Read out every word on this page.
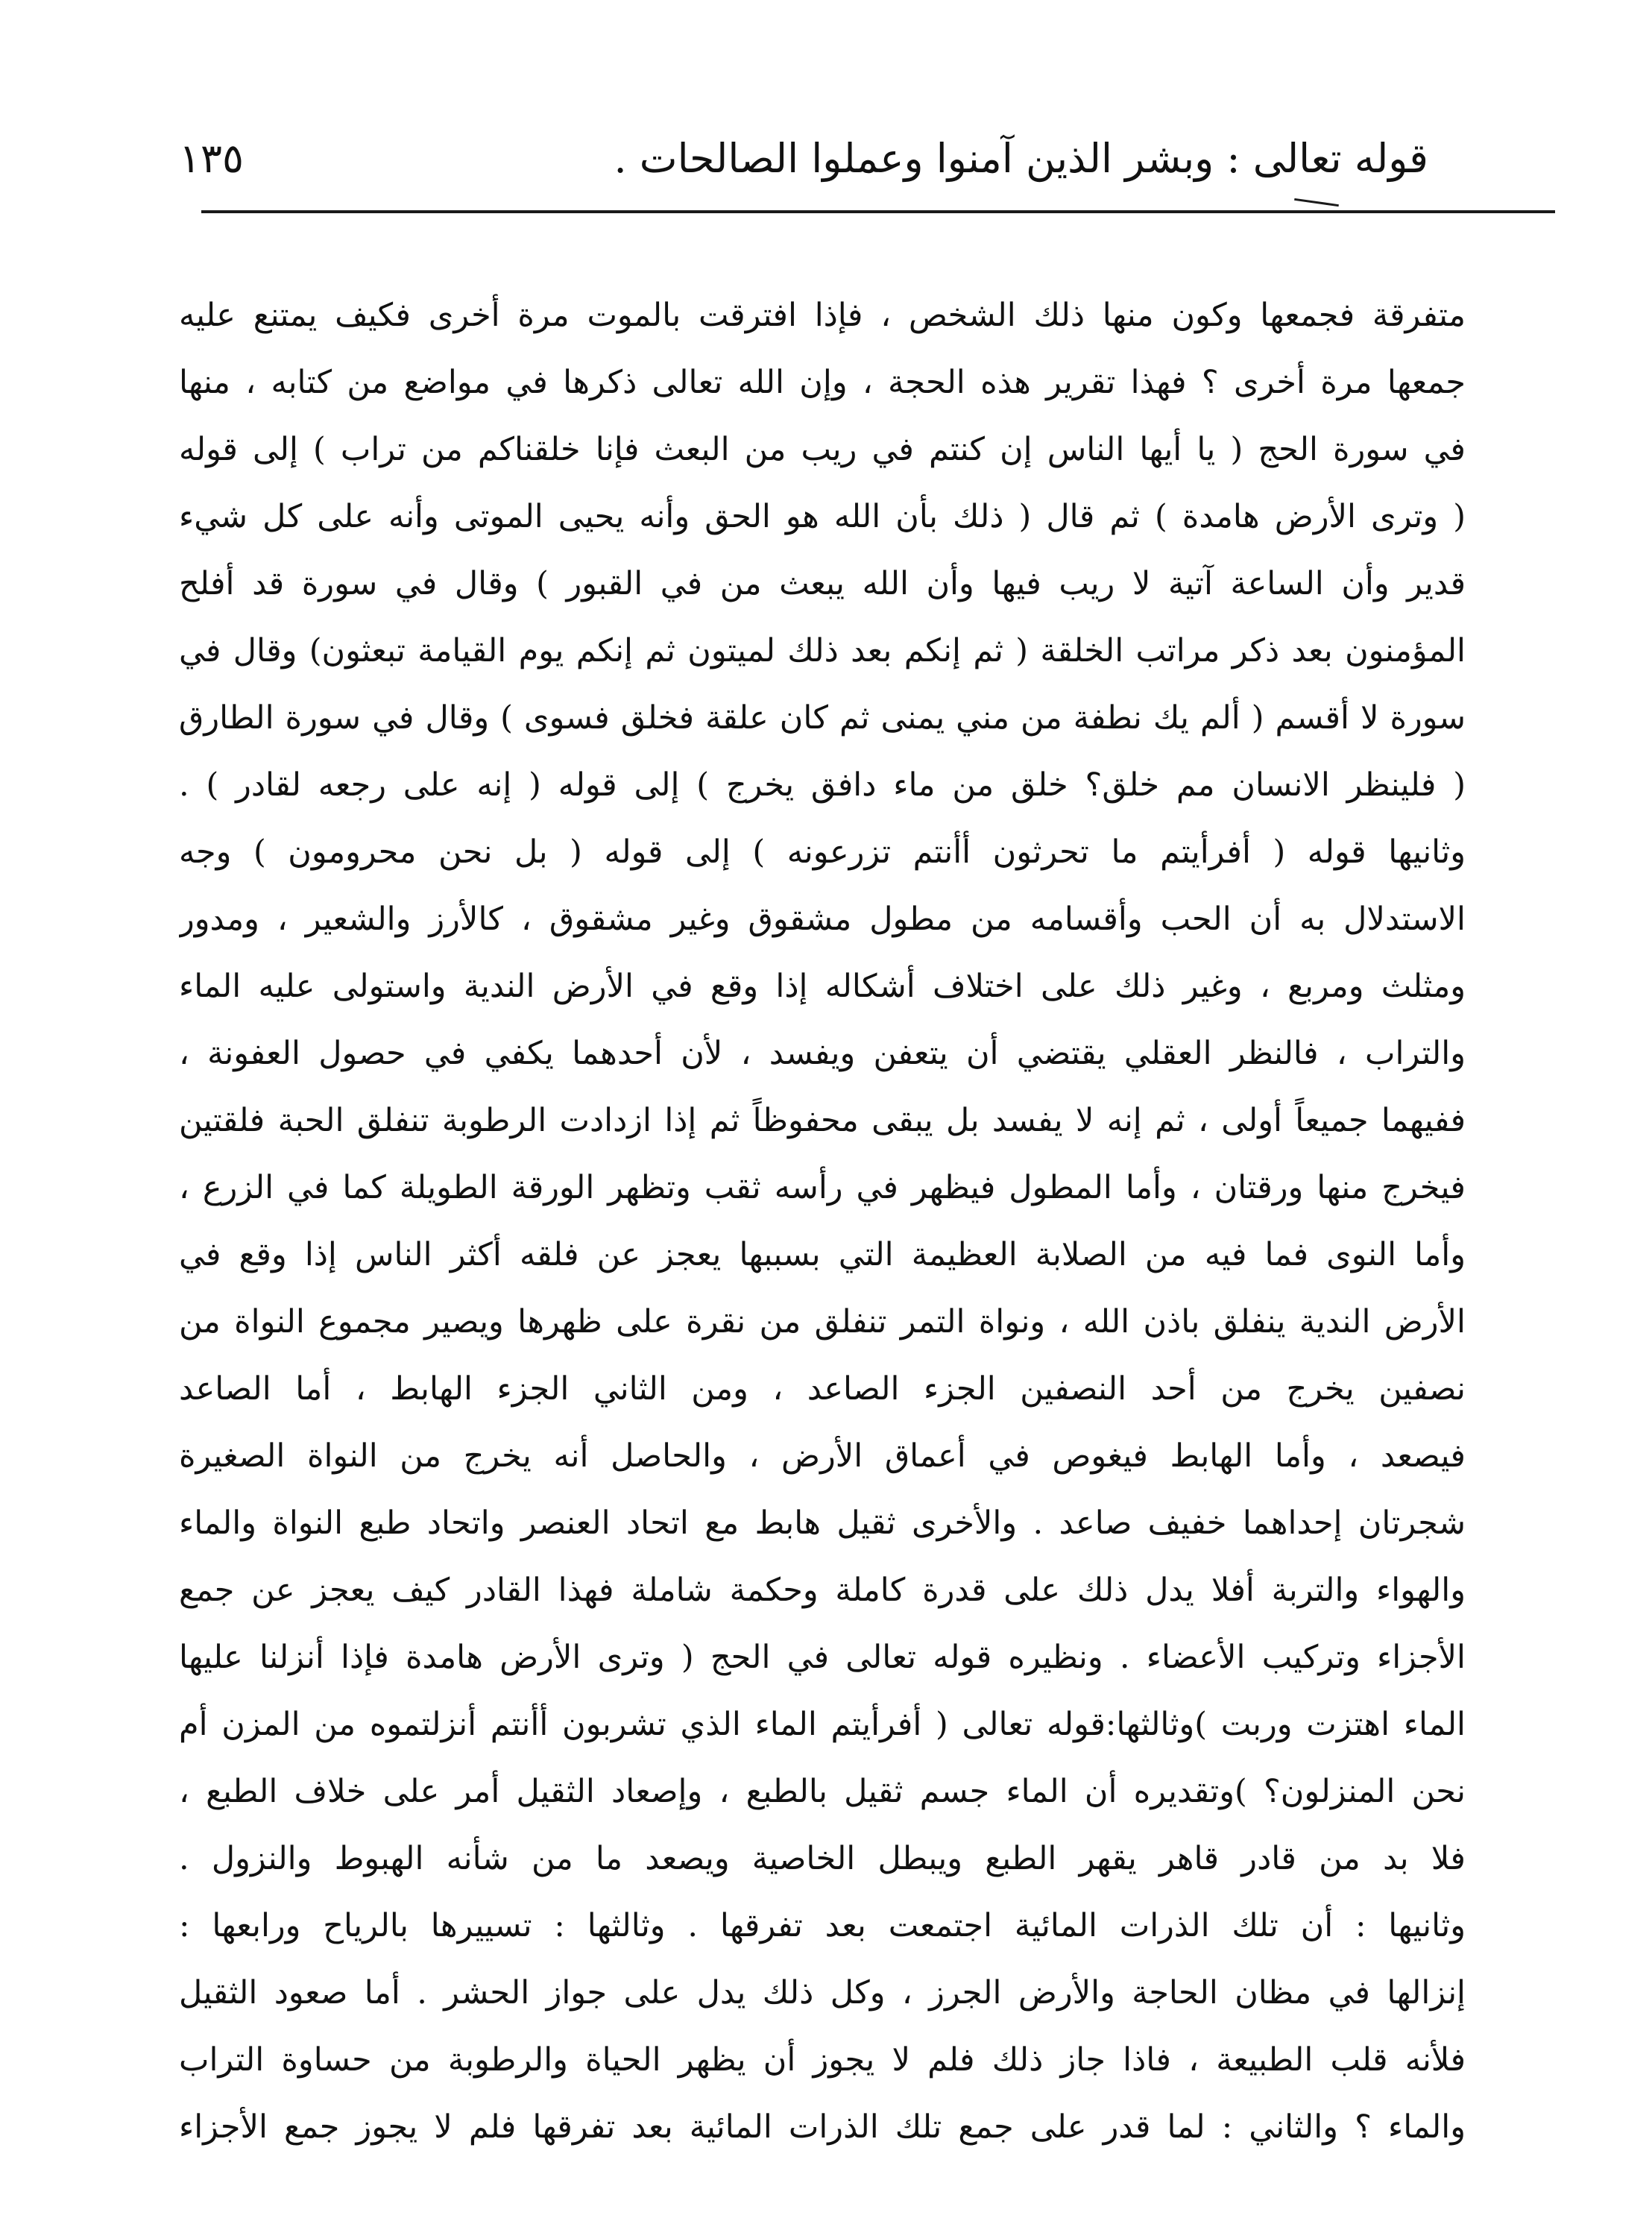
قوله تعالى : وبشر الذين آمنوا وعملوا الصالحات .
١٣٥
متفرقة فجمعها وكون منها ذلك الشخص ، فإذا افترقت بالموت مرة أخرى فكيف يمتنع عليه
جمعها مرة أخرى ؟ فهذا تقرير هذه الحجة ، وإن الله تعالى ذكرها في مواضع من كتابه ، منها
في سورة الحج ( يا أيها الناس إن كنتم في ريب من البعث فإنا خلقناكم من تراب ) إلى قوله
( وترى الأرض هامدة ) ثم قال ( ذلك بأن الله هو الحق وأنه يحيى الموتى وأنه على كل شيء
قدير وأن الساعة آتية لا ريب فيها وأن الله يبعث من في القبور ) وقال في سورة قد أفلح
المؤمنون بعد ذكر مراتب الخلقة ( ثم إنكم بعد ذلك لميتون ثم إنكم يوم القيامة تبعثون) وقال في
سورة لا أقسم ( ألم يك نطفة من مني يمنى ثم كان علقة فخلق فسوى ) وقال في سورة الطارق
( فلينظر الانسان مم خلق؟ خلق من ماء دافق يخرج ) إلى قوله ( إنه على رجعه لقادر ) .
وثانيها قوله ( أفرأيتم ما تحرثون أأنتم تزرعونه ) إلى قوله ( بل نحن محرومون ) وجه
الاستدلال به أن الحب وأقسامه من مطول مشقوق وغير مشقوق ، كالأرز والشعير ، ومدور
ومثلث ومربع ، وغير ذلك على اختلاف أشكاله إذا وقع في الأرض الندية واستولى عليه الماء
والتراب ، فالنظر العقلي يقتضي أن يتعفن ويفسد ، لأن أحدهما يكفي في حصول العفونة ،
ففيهما جميعاً أولى ، ثم إنه لا يفسد بل يبقى محفوظاً ثم إذا ازدادت الرطوبة تنفلق الحبة فلقتين
فيخرج منها ورقتان ، وأما المطول فيظهر في رأسه ثقب وتظهر الورقة الطويلة كما في الزرع ،
وأما النوى فما فيه من الصلابة العظيمة التي بسببها يعجز عن فلقه أكثر الناس إذا وقع في
الأرض الندية ينفلق باذن الله ، ونواة التمر تنفلق من نقرة على ظهرها ويصير مجموع النواة من
نصفين يخرج من أحد النصفين الجزء الصاعد ، ومن الثاني الجزء الهابط ، أما الصاعد
فيصعد ، وأما الهابط فيغوص في أعماق الأرض ، والحاصل أنه يخرج من النواة الصغيرة
شجرتان إحداهما خفيف صاعد . والأخرى ثقيل هابط مع اتحاد العنصر واتحاد طبع النواة والماء
والهواء والتربة أفلا يدل ذلك على قدرة كاملة وحكمة شاملة فهذا القادر كيف يعجز عن جمع
الأجزاء وتركيب الأعضاء . ونظيره قوله تعالى في الحج ( وترى الأرض هامدة فإذا أنزلنا عليها
الماء اهتزت وربت )وثالثها:قوله تعالى ( أفرأيتم الماء الذي تشربون أأنتم أنزلتموه من المزن أم
نحن المنزلون؟ )وتقديره أن الماء جسم ثقيل بالطبع ، وإصعاد الثقيل أمر على خلاف الطبع ،
فلا بد من قادر قاهر يقهر الطبع ويبطل الخاصية ويصعد ما من شأنه الهبوط والنزول .
وثانيها : أن تلك الذرات المائية اجتمعت بعد تفرقها . وثالثها : تسييرها بالرياح ورابعها :
إنزالها في مظان الحاجة والأرض الجرز ، وكل ذلك يدل على جواز الحشر . أما صعود الثقيل
فلأنه قلب الطبيعة ، فاذا جاز ذلك فلم لا يجوز أن يظهر الحياة والرطوبة من حساوة التراب
والماء ؟ والثاني : لما قدر على جمع تلك الذرات المائية بعد تفرقها فلم لا يجوز جمع الأجزاء
